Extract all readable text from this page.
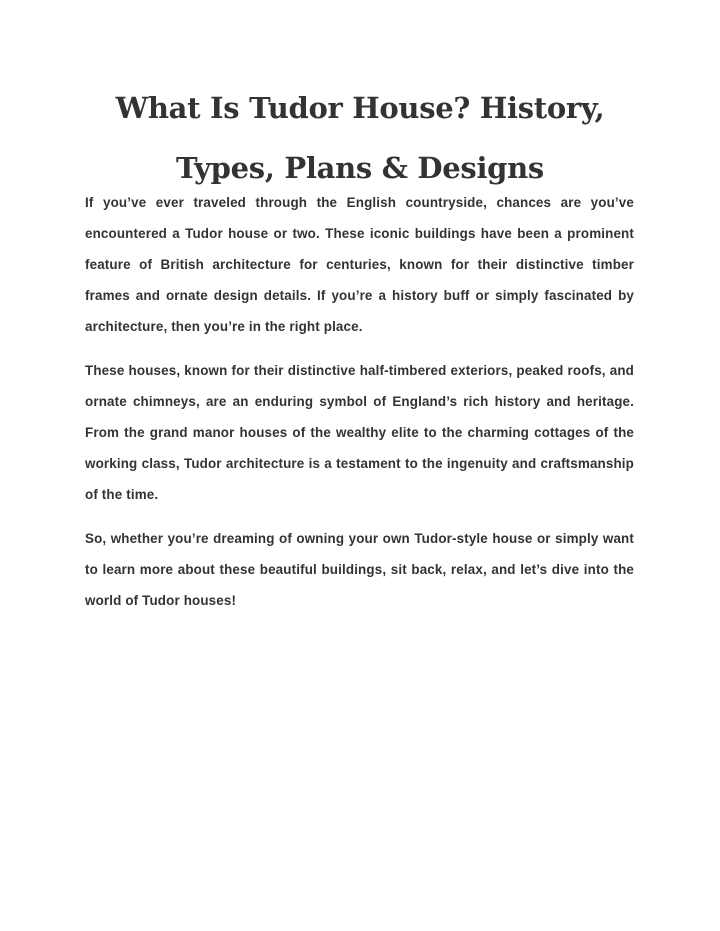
What Is Tudor House? History,
Types, Plans & Designs

If you’ve ever traveled through the English countryside, chances are you’ve encountered a Tudor house or two. These iconic buildings have been a prominent feature of British architecture for centuries, known for their distinctive timber frames and ornate design details. If you’re a history buff or simply fascinated by architecture, then you’re in the right place.

These houses, known for their distinctive half-timbered exteriors, peaked roofs, and ornate chimneys, are an enduring symbol of England’s rich history and heritage. From the grand manor houses of the wealthy elite to the charming cottages of the working class, Tudor architecture is a testament to the ingenuity and craftsmanship of the time.

So, whether you’re dreaming of owning your own Tudor-style house or simply want to learn more about these beautiful buildings, sit back, relax, and let’s dive into the world of Tudor houses!
